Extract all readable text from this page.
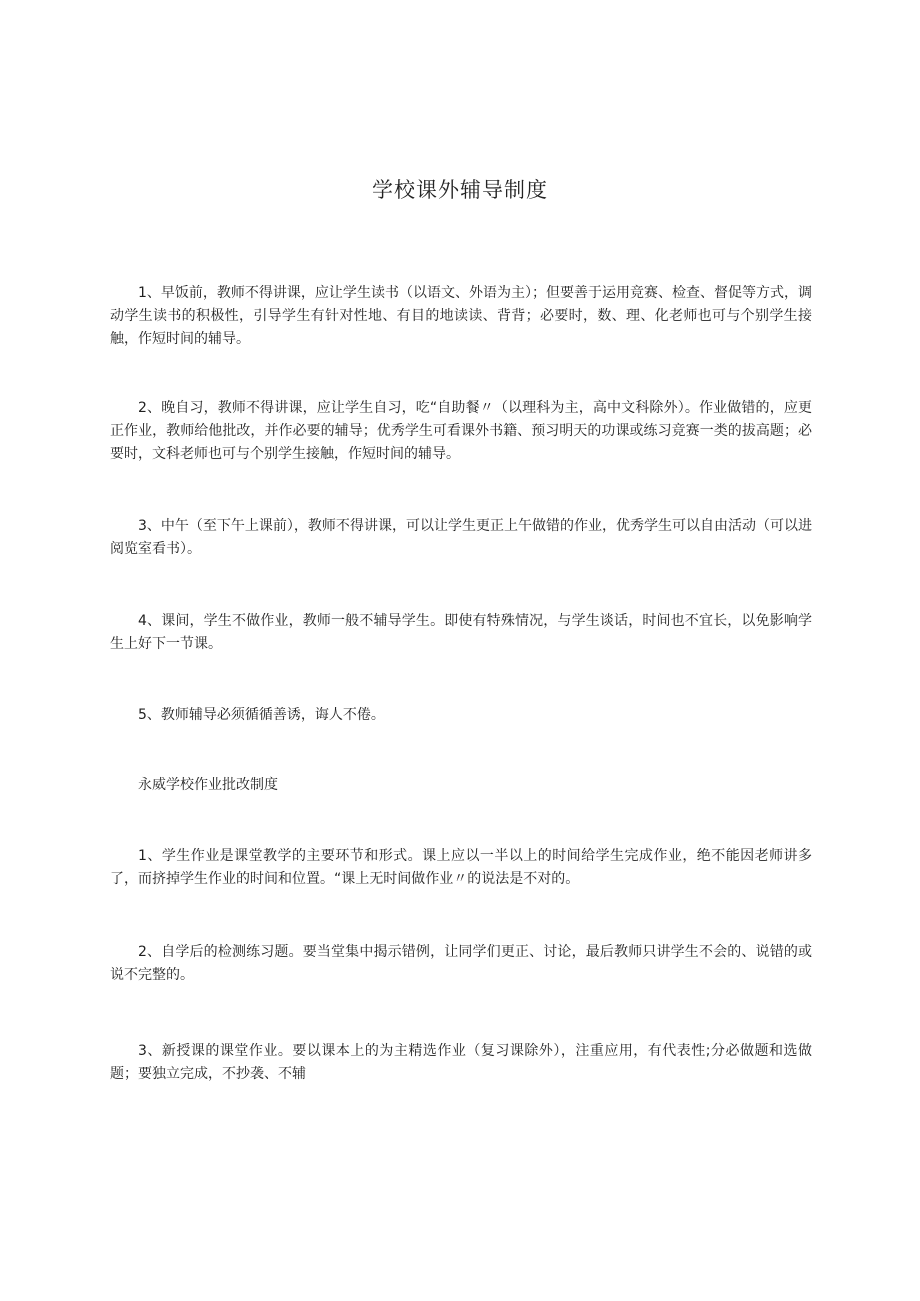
学校课外辅导制度

1、早饭前，教师不得讲课，应让学生读书（以语文、外语为主）；但要善于运用竞赛、检查、督促等方式，调动学生读书的积极性，引导学生有针对性地、有目的地读读、背背；必要时，数、理、化老师也可与个别学生接触，作短时间的辅导。

2、晚自习，教师不得讲课，应让学生自习，吃“自助餐〃（以理科为主，高中文科除外）。作业做错的，应更正作业，教师给他批改，并作必要的辅导；优秀学生可看课外书籍、预习明天的功课或练习竞赛一类的拔高题；必要时，文科老师也可与个别学生接触，作短时间的辅导。

3、中午（至下午上课前），教师不得讲课，可以让学生更正上午做错的作业，优秀学生可以自由活动（可以进阅览室看书）。

4、课间，学生不做作业，教师一般不辅导学生。即使有特殊情况，与学生谈话，时间也不宜长，以免影响学生上好下一节课。

5、教师辅导必须循循善诱，诲人不倦。

永威学校作业批改制度

1、学生作业是课堂教学的主要环节和形式。课上应以一半以上的时间给学生完成作业，绝不能因老师讲多了，而挤掉学生作业的时间和位置。“课上无时间做作业〃的说法是不对的。

2、自学后的检测练习题。要当堂集中揭示错例，让同学们更正、讨论，最后教师只讲学生不会的、说错的或说不完整的。

3、新授课的课堂作业。要以课本上的为主精选作业（复习课除外），注重应用，有代表性;分必做题和选做题；要独立完成，不抄袭、不辅
